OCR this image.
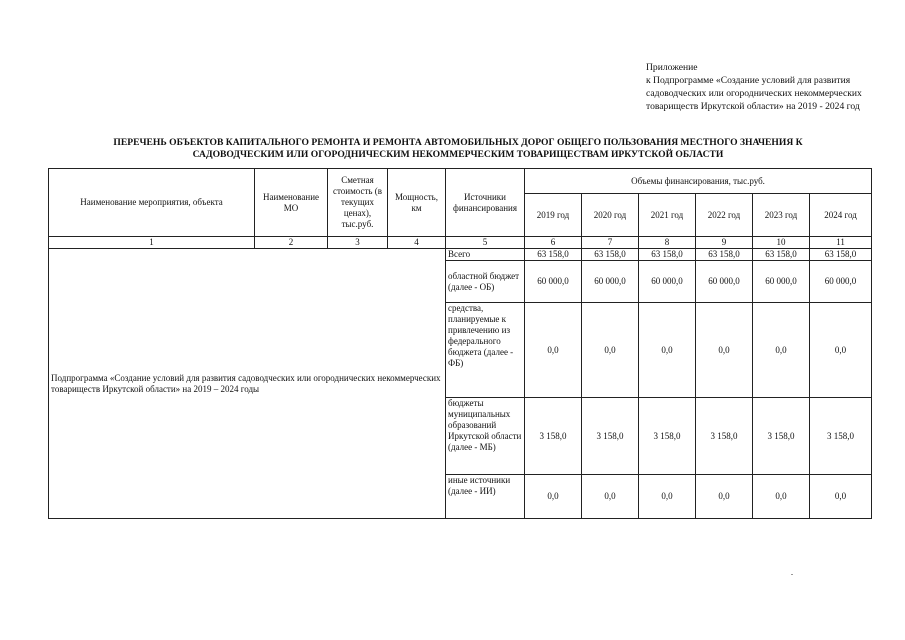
Приложение
к Подпрограмме «Создание условий для развития
садоводческих или огороднических некоммерческих
товариществ Иркутской области» на 2019 - 2024 год
ПЕРЕЧЕНЬ ОБЪЕКТОВ КАПИТАЛЬНОГО РЕМОНТА И РЕМОНТА АВТОМОБИЛЬНЫХ ДОРОГ ОБЩЕГО ПОЛЬЗОВАНИЯ МЕСТНОГО ЗНАЧЕНИЯ К
САДОВОДЧЕСКИМ ИЛИ ОГОРОДНИЧЕСКИМ НЕКОММЕРЧЕСКИМ ТОВАРИЩЕСТВАМ ИРКУТСКОЙ ОБЛАСТИ
Наименование мероприятия, объекта	Наименование МО	Сметная стоимость (в текущих ценах), тыс.руб.	Мощность, км	Источники финансирования	Объемы финансирования, тыс.руб.					
					2019 год	2020 год	2021 год	2022 год	2023 год	2024 год
1	2	3	4	5	6	7	8	9	10	11
Подпрограмма «Создание условий для развития садоводческих или огороднических некоммерческих товариществ Иркутской области» на 2019 – 2024 годы				Всего	63 158,0	63 158,0	63 158,0	63 158,0	63 158,0	63 158,0
				областной бюджет (далее - ОБ)	60 000,0	60 000,0	60 000,0	60 000,0	60 000,0	60 000,0
				средства, планируемые к привлечению из федерального бюджета (далее - ФБ)	0,0	0,0	0,0	0,0	0,0	0,0
				бюджеты муниципальных образований Иркутской области (далее - МБ)	3 158,0	3 158,0	3 158,0	3 158,0	3 158,0	3 158,0
				иные источники (далее - ИИ)	0,0	0,0	0,0	0,0	0,0	0,0
